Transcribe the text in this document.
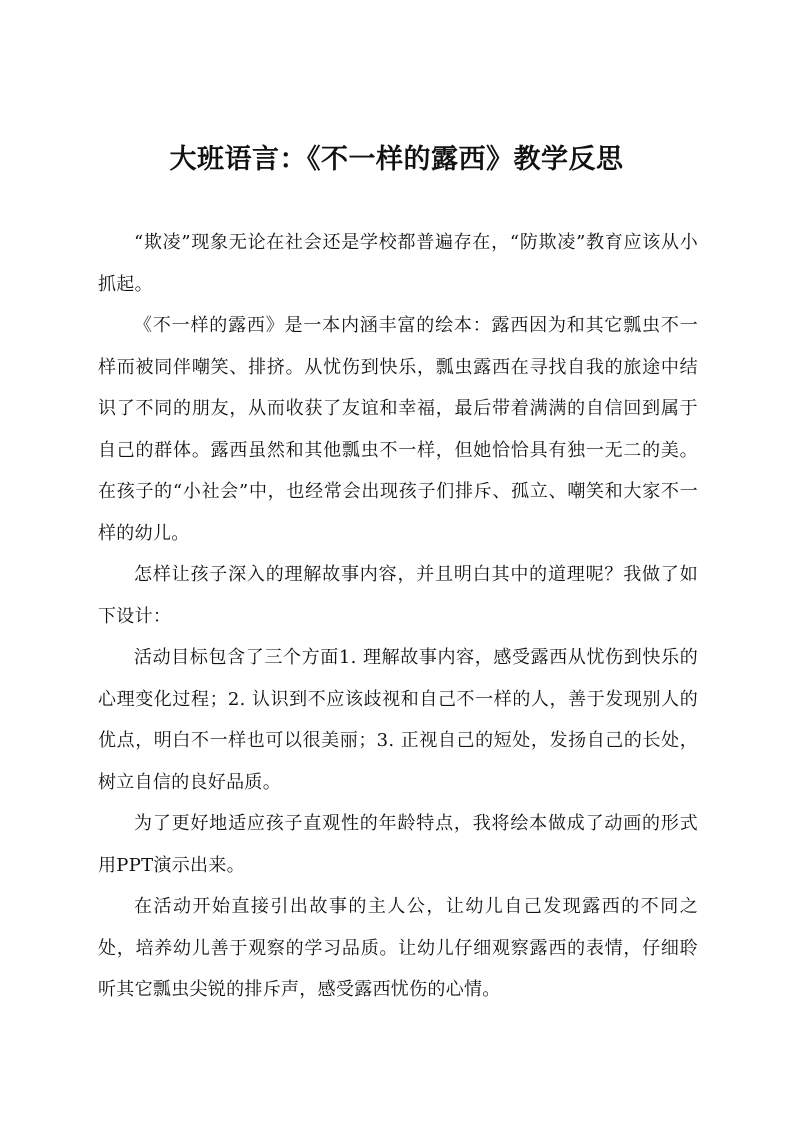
大班语言：《不一样的露西》教学反思

“欺凌”现象无论在社会还是学校都普遍存在，“防欺凌”教育应该从小抓起。

《不一样的露西》是一本内涵丰富的绘本：露西因为和其它瓢虫不一样而被同伴嘲笑、排挤。从忧伤到快乐，瓢虫露西在寻找自我的旅途中结识了不同的朋友，从而收获了友谊和幸福，最后带着满满的自信回到属于自己的群体。露西虽然和其他瓢虫不一样，但她恰恰具有独一无二的美。在孩子的“小社会”中，也经常会出现孩子们排斥、孤立、嘲笑和大家不一样的幼儿。

怎样让孩子深入的理解故事内容，并且明白其中的道理呢？我做了如下设计：

活动目标包含了三个方面1. 理解故事内容，感受露西从忧伤到快乐的心理变化过程；2. 认识到不应该歧视和自己不一样的人，善于发现别人的优点，明白不一样也可以很美丽；3. 正视自己的短处，发扬自己的长处，树立自信的良好品质。

为了更好地适应孩子直观性的年龄特点，我将绘本做成了动画的形式用PPT演示出来。

在活动开始直接引出故事的主人公，让幼儿自己发现露西的不同之处，培养幼儿善于观察的学习品质。让幼儿仔细观察露西的表情，仔细聆听其它瓢虫尖锐的排斥声，感受露西忧伤的心情。
